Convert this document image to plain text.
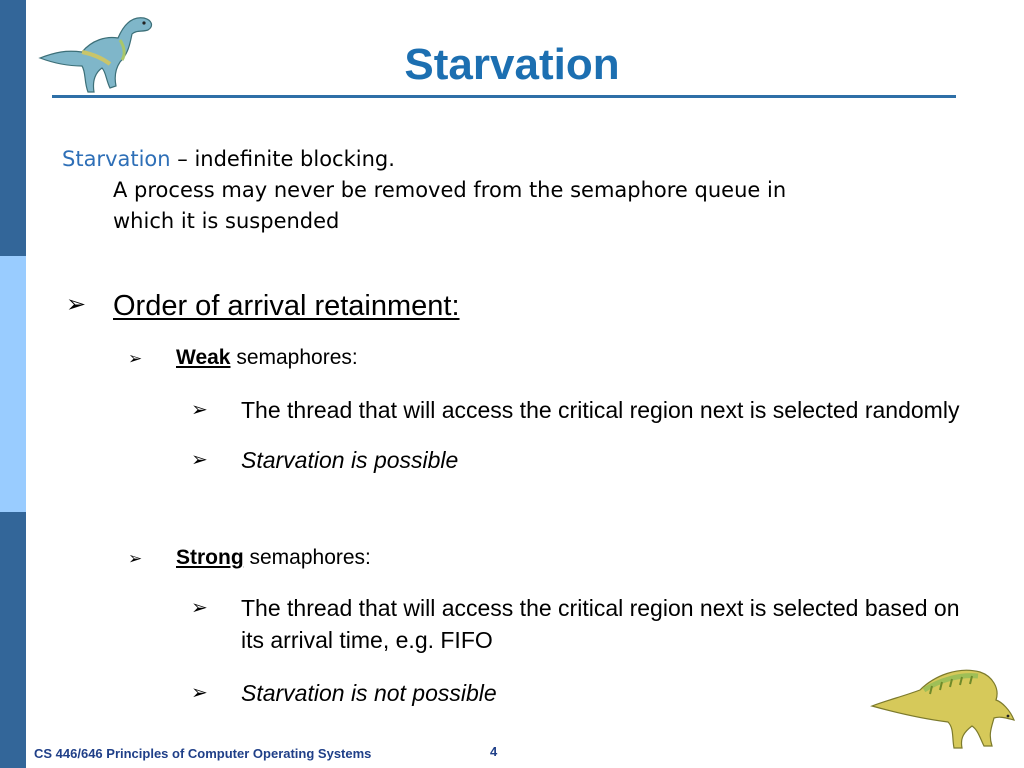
Starvation
Starvation – indefinite blocking.
A process may never be removed from the semaphore queue in
which it is suspended
➢ Order of arrival retainment:
➢ Weak semaphores:
➢ The thread that will access the critical region next is selected randomly
➢ Starvation is possible
➢ Strong semaphores:
➢ The thread that will access the critical region next is selected based on its arrival time, e.g. FIFO
➢ Starvation is not possible
CS 446/646 Principles of Computer Operating Systems	4
